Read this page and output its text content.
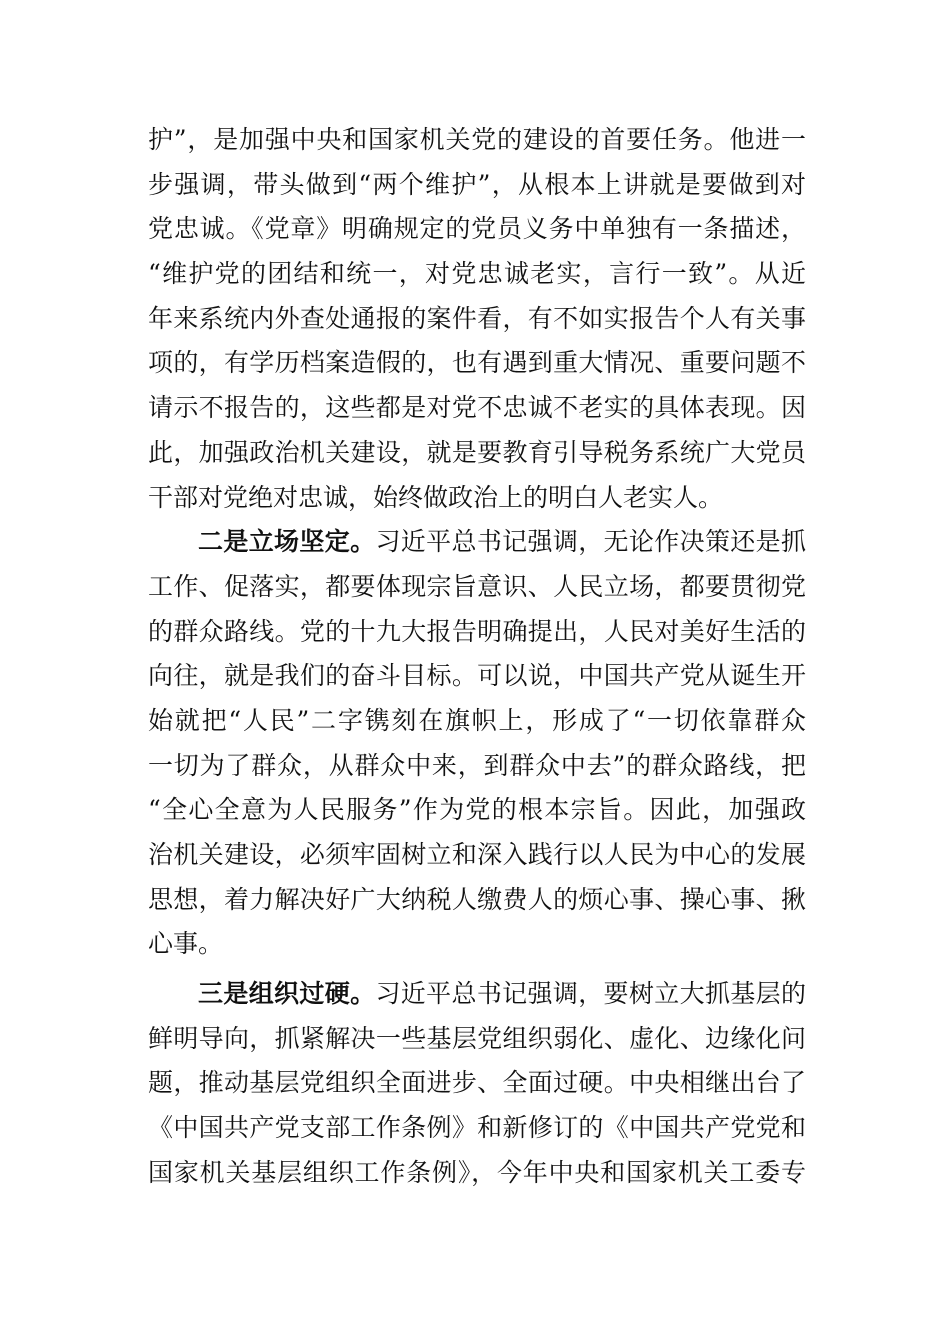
护”，是加强中央和国家机关党的建设的首要任务。他进一
步强调，带头做到“两个维护”，从根本上讲就是要做到对
党忠诚。《党章》明确规定的党员义务中单独有一条描述，
“维护党的团结和统一，对党忠诚老实，言行一致”。从近
年来系统内外查处通报的案件看，有不如实报告个人有关事
项的，有学历档案造假的，也有遇到重大情况、重要问题不
请示不报告的，这些都是对党不忠诚不老实的具体表现。因
此，加强政治机关建设，就是要教育引导税务系统广大党员
干部对党绝对忠诚，始终做政治上的明白人老实人。
二是立场坚定。习近平总书记强调，无论作决策还是抓
工作、促落实，都要体现宗旨意识、人民立场，都要贯彻党
的群众路线。党的十九大报告明确提出，人民对美好生活的
向往，就是我们的奋斗目标。可以说，中国共产党从诞生开
始就把“人民”二字镌刻在旗帜上，形成了“一切依靠群众
一切为了群众，从群众中来，到群众中去”的群众路线，把
“全心全意为人民服务”作为党的根本宗旨。因此，加强政
治机关建设，必须牢固树立和深入践行以人民为中心的发展
思想，着力解决好广大纳税人缴费人的烦心事、操心事、揪
心事。
三是组织过硬。习近平总书记强调，要树立大抓基层的
鲜明导向，抓紧解决一些基层党组织弱化、虚化、边缘化问
题，推动基层党组织全面进步、全面过硬。中央相继出台了
《中国共产党支部工作条例》和新修订的《中国共产党党和
国家机关基层组织工作条例》，今年中央和国家机关工委专
